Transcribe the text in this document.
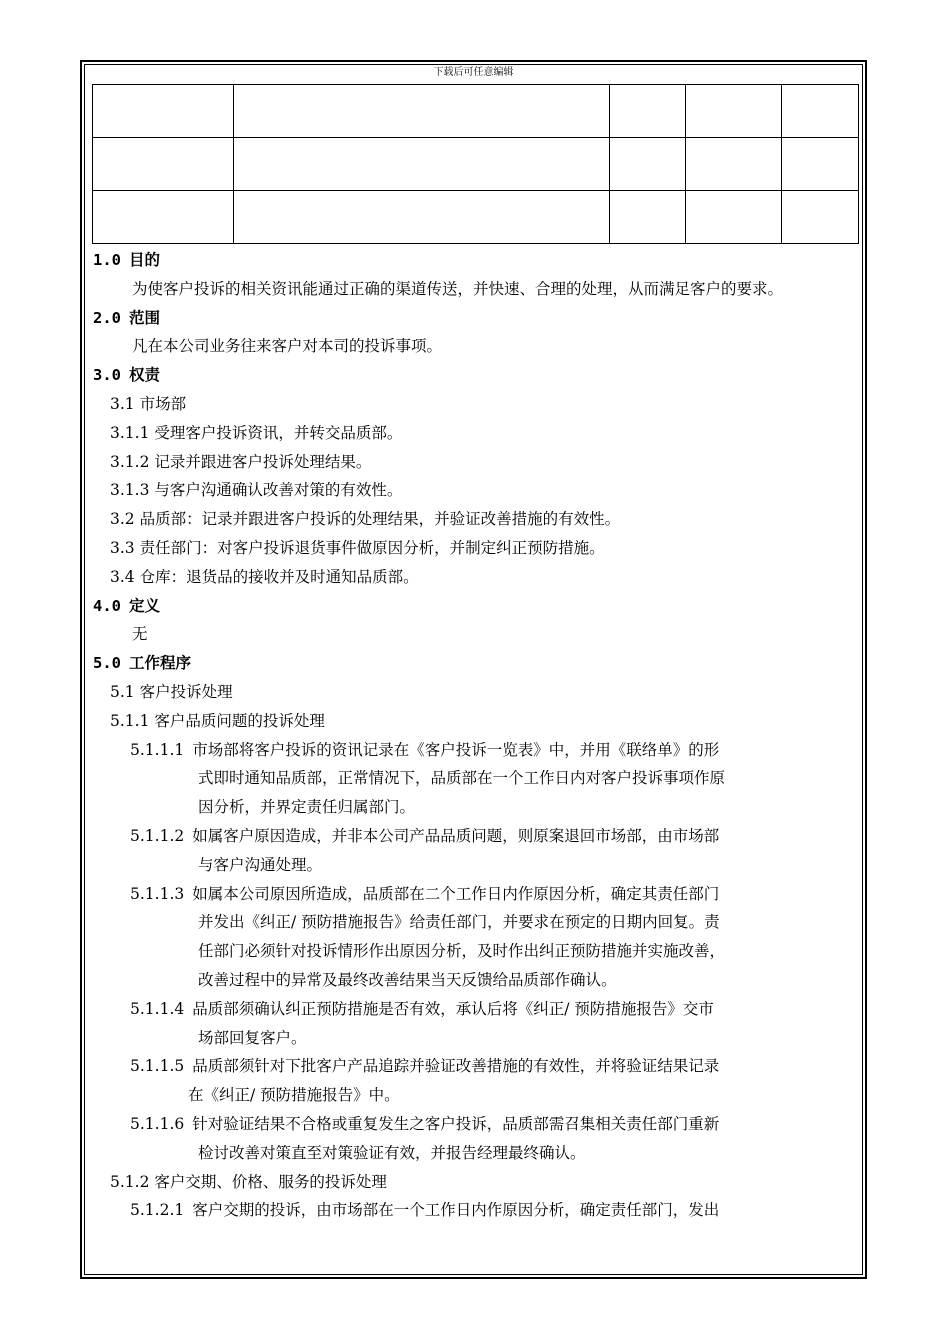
下载后可任意编辑

1.0 目的
为使客户投诉的相关资讯能通过正确的渠道传送，并快速、合理的处理，从而满足客户的要求。
2.0 范围
凡在本公司业务往来客户对本司的投诉事项。
3.0 权责
3.1 市场部
3.1.1 受理客户投诉资讯，并转交品质部。
3.1.2 记录并跟进客户投诉处理结果。
3.1.3 与客户沟通确认改善对策的有效性。
3.2 品质部：记录并跟进客户投诉的处理结果，并验证改善措施的有效性。
3.3 责任部门：对客户投诉退货事件做原因分析，并制定纠正预防措施。
3.4 仓库：退货品的接收并及时通知品质部。
4.0 定义
无
5.0 工作程序
5.1 客户投诉处理
5.1.1 客户品质问题的投诉处理
5.1.1.1 市场部将客户投诉的资讯记录在《客户投诉一览表》中，并用《联络单》的形
式即时通知品质部，正常情况下，品质部在一个工作日内对客户投诉事项作原
因分析，并界定责任归属部门。
5.1.1.2 如属客户原因造成，并非本公司产品品质问题，则原案退回市场部，由市场部
与客户沟通处理。
5.1.1.3 如属本公司原因所造成，品质部在二个工作日内作原因分析，确定其责任部门
并发出《纠正/ 预防措施报告》给责任部门，并要求在预定的日期内回复。责
任部门必须针对投诉情形作出原因分析，及时作出纠正预防措施并实施改善，
改善过程中的异常及最终改善结果当天反馈给品质部作确认。
5.1.1.4 品质部须确认纠正预防措施是否有效，承认后将《纠正/ 预防措施报告》交市
场部回复客户。
5.1.1.5 品质部须针对下批客户产品追踪并验证改善措施的有效性，并将验证结果记录
在《纠正/ 预防措施报告》中。
5.1.1.6 针对验证结果不合格或重复发生之客户投诉，品质部需召集相关责任部门重新
检讨改善对策直至对策验证有效，并报告经理最终确认。
5.1.2 客户交期、价格、服务的投诉处理
5.1.2.1 客户交期的投诉，由市场部在一个工作日内作原因分析，确定责任部门，发出
